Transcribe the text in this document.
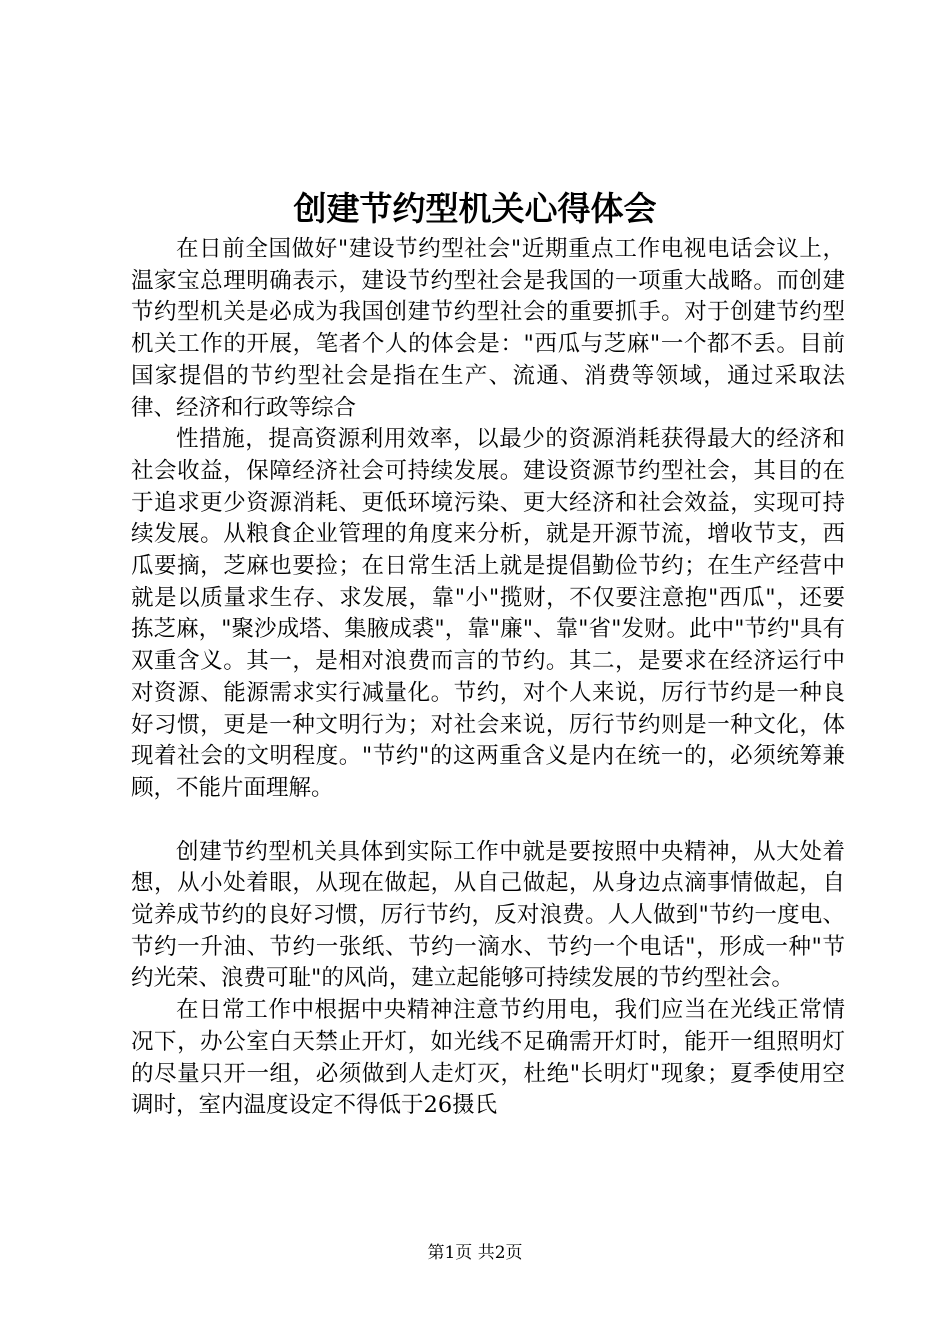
创建节约型机关心得体会

在日前全国做好"建设节约型社会"近期重点工作电视电话会议上，温家宝总理明确表示，建设节约型社会是我国的一项重大战略。而创建节约型机关是必成为我国创建节约型社会的重要抓手。对于创建节约型机关工作的开展，笔者个人的体会是："西瓜与芝麻"一个都不丢。目前国家提倡的节约型社会是指在生产、流通、消费等领域，通过采取法律、经济和行政等综合

性措施，提高资源利用效率，以最少的资源消耗获得最大的经济和社会收益，保障经济社会可持续发展。建设资源节约型社会，其目的在于追求更少资源消耗、更低环境污染、更大经济和社会效益，实现可持续发展。从粮食企业管理的角度来分析，就是开源节流，增收节支，西瓜要摘，芝麻也要捡；在日常生活上就是提倡勤俭节约；在生产经营中就是以质量求生存、求发展，靠"小"揽财，不仅要注意抱"西瓜"，还要拣芝麻，"聚沙成塔、集腋成裘"，靠"廉"、靠"省"发财。此中"节约"具有双重含义。其一，是相对浪费而言的节约。其二，是要求在经济运行中对资源、能源需求实行减量化。节约，对个人来说，厉行节约是一种良好习惯，更是一种文明行为；对社会来说，厉行节约则是一种文化，体现着社会的文明程度。"节约"的这两重含义是内在统一的，必须统筹兼顾，不能片面理解。

创建节约型机关具体到实际工作中就是要按照中央精神，从大处着想，从小处着眼，从现在做起，从自己做起，从身边点滴事情做起，自觉养成节约的良好习惯，厉行节约，反对浪费。人人做到"节约一度电、节约一升油、节约一张纸、节约一滴水、节约一个电话"，形成一种"节约光荣、浪费可耻"的风尚，建立起能够可持续发展的节约型社会。

在日常工作中根据中央精神注意节约用电，我们应当在光线正常情况下，办公室白天禁止开灯，如光线不足确需开灯时，能开一组照明灯的尽量只开一组，必须做到人走灯灭，杜绝"长明灯"现象；夏季使用空调时，室内温度设定不得低于26摄氏

第1页 共2页
